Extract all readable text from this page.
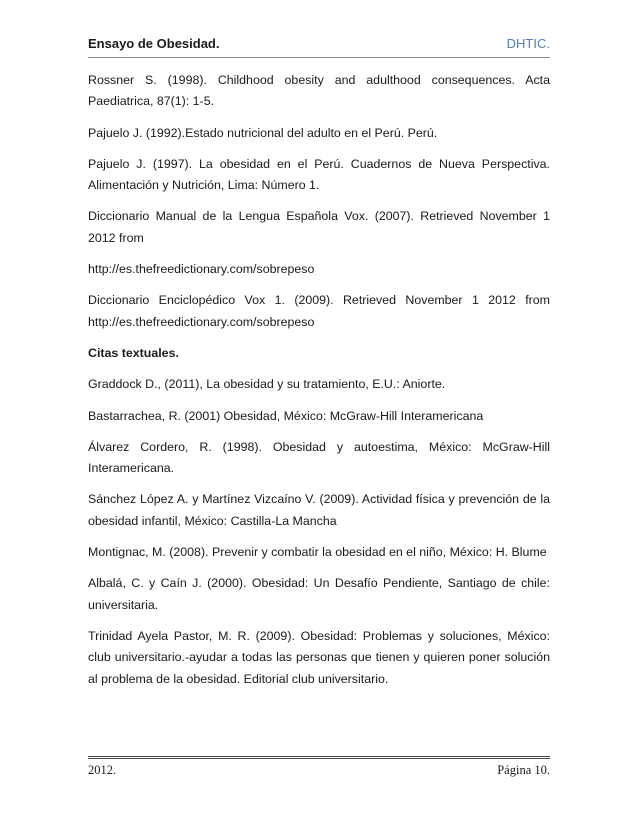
Ensayo de Obesidad.	DHTIC.

Rossner S. (1998). Childhood obesity and adulthood consequences. Acta Paediatrica, 87(1): 1-5.

Pajuelo J. (1992).Estado nutricional del adulto en el Perú. Perú.

Pajuelo J. (1997). La obesidad en el Perú. Cuadernos de Nueva Perspectiva. Alimentación y Nutrición, Lima: Número 1.

Diccionario Manual de la Lengua Española Vox. (2007). Retrieved November 1 2012 from

http://es.thefreedictionary.com/sobrepeso

Diccionario Enciclopédico Vox 1. (2009). Retrieved November 1 2012 from http://es.thefreedictionary.com/sobrepeso

Citas textuales.

Graddock D., (2011), La obesidad y su tratamiento, E.U.: Aniorte.

Bastarrachea, R. (2001) Obesidad, México: McGraw-Hill Interamericana

Álvarez Cordero, R. (1998). Obesidad y autoestima, México: McGraw-Hill Interamericana.

Sánchez López A. y Martínez Vizcaíno V. (2009). Actividad física y prevención de la obesidad infantil, México: Castilla-La Mancha

Montignac, M. (2008). Prevenir y combatir la obesidad en el niño, México: H. Blume

Albalá, C. y Caín J. (2000). Obesidad: Un Desafío Pendiente, Santiago de chile: universitaria.

Trinidad Ayela Pastor, M. R. (2009). Obesidad: Problemas y soluciones, México: club universitario.-ayudar a todas las personas que tienen y quieren poner solución al problema de la obesidad. Editorial club universitario.

2012.	Página 10.
